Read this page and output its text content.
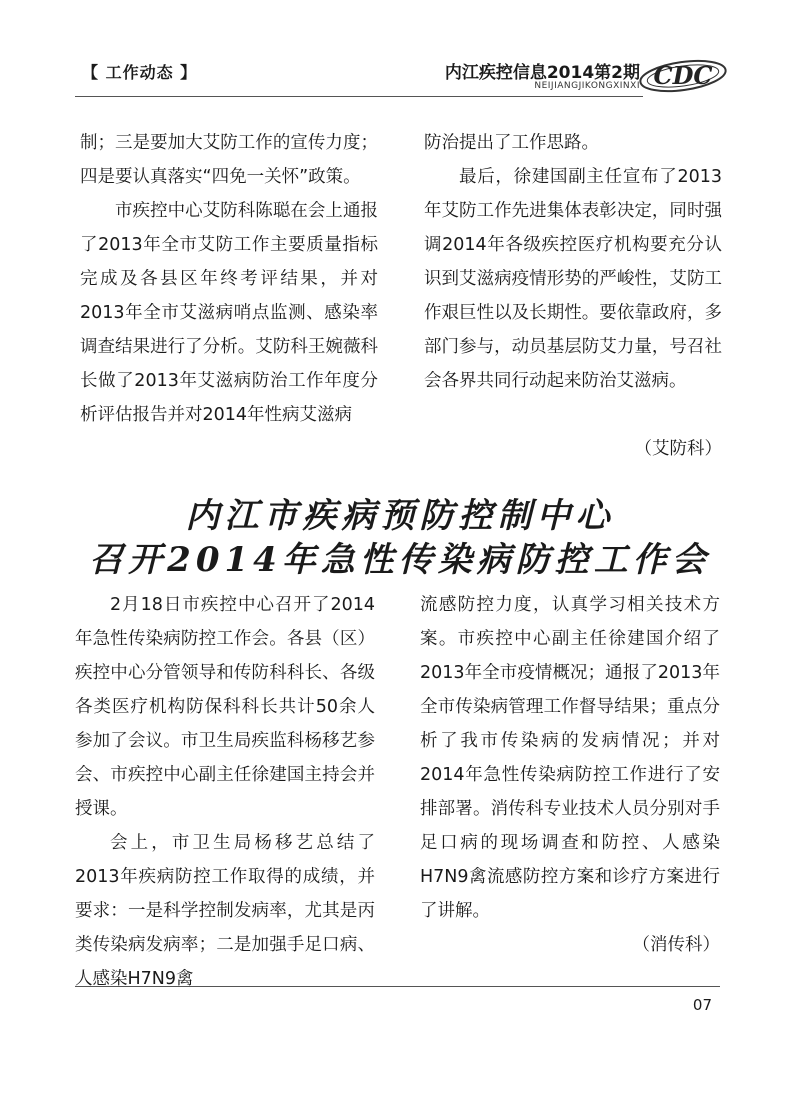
【 工作动态 】	内江疾控信息2014第2期
NEIJIANGJIKONGXINXI CDC

制；三是要加大艾防工作的宣传力度；四是要认真落实“四免一关怀”政策。

市疾控中心艾防科陈聪在会上通报了2013年全市艾防工作主要质量指标完成及各县区年终考评结果，并对2013年全市艾滋病哨点监测、感染率调查结果进行了分析。艾防科王婉薇科长做了2013年艾滋病防治工作年度分析评估报告并对2014年性病艾滋病

防治提出了工作思路。

最后，徐建国副主任宣布了2013年艾防工作先进集体表彰决定，同时强调2014年各级疾控医疗机构要充分认识到艾滋病疫情形势的严峻性，艾防工作艰巨性以及长期性。要依靠政府，多部门参与，动员基层防艾力量，号召社会各界共同行动起来防治艾滋病。

（艾防科）

内江市疾病预防控制中心
召开2014年急性传染病防控工作会

2月18日市疾控中心召开了2014年急性传染病防控工作会。各县（区）疾控中心分管领导和传防科科长、各级各类医疗机构防保科科长共计50余人参加了会议。市卫生局疾监科杨移艺参会、市疾控中心副主任徐建国主持会并授课。

会上，市卫生局杨移艺总结了2013年疾病防控工作取得的成绩，并要求：一是科学控制发病率，尤其是丙类传染病发病率；二是加强手足口病、人感染H7N9禽

流感防控力度，认真学习相关技术方案。市疾控中心副主任徐建国介绍了2013年全市疫情概况；通报了2013年全市传染病管理工作督导结果；重点分析了我市传染病的发病情况；并对2014年急性传染病防控工作进行了安排部署。消传科专业技术人员分别对手足口病的现场调查和防控、人感染H7N9禽流感防控方案和诊疗方案进行了讲解。

（消传科）

07
